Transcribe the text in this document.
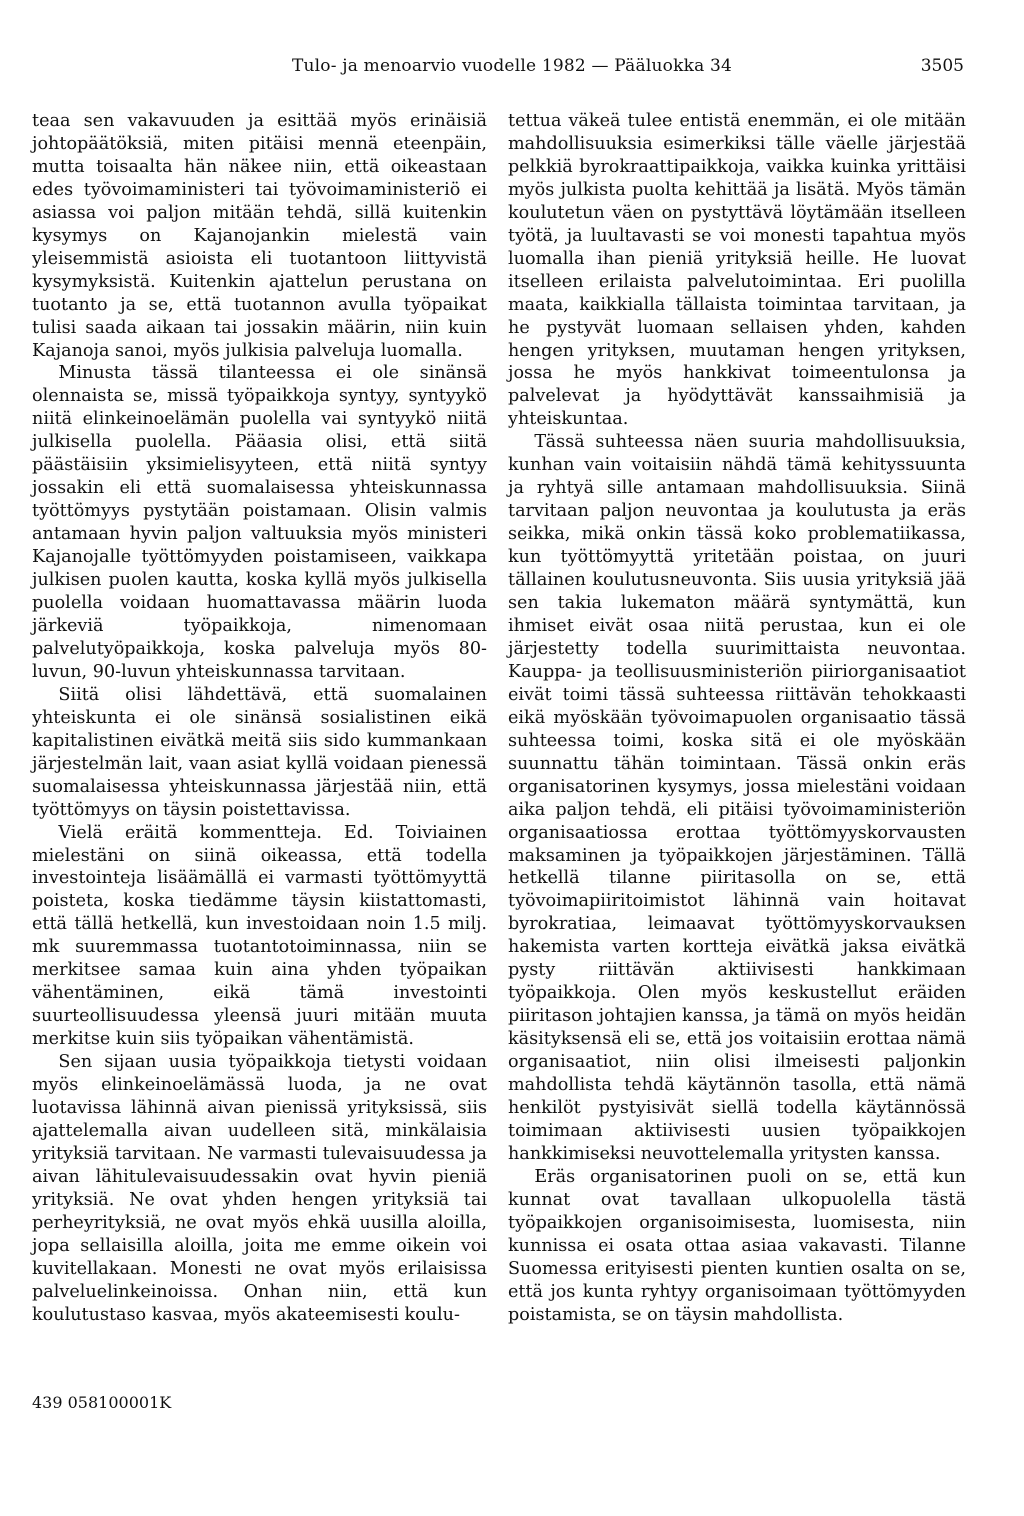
Tulo- ja menoarvio vuodelle 1982 — Pääluokka 34	3505

teaa sen vakavuuden ja esittää myös erinäisiä johtopäätöksiä, miten pitäisi mennä eteenpäin, mutta toisaalta hän näkee niin, että oikeastaan edes työvoimaministeri tai työvoimaministeriö ei asiassa voi paljon mitään tehdä, sillä kuitenkin kysymys on Kajanojankin mielestä vain yleisemmistä asioista eli tuotantoon liittyvistä kysymyksistä. Kuitenkin ajattelun perustana on tuotanto ja se, että tuotannon avulla työpaikat tulisi saada aikaan tai jossakin määrin, niin kuin Kajanoja sanoi, myös julkisia palveluja luomalla.

Minusta tässä tilanteessa ei ole sinänsä olennaista se, missä työpaikkoja syntyy, syntyykö niitä elinkeinoelämän puolella vai syntyykö niitä julkisella puolella. Pääasia olisi, että siitä päästäisiin yksimielisyyteen, että niitä syntyy jossakin eli että suomalaisessa yhteiskunnassa työttömyys pystytään poistamaan. Olisin valmis antamaan hyvin paljon valtuuksia myös ministeri Kajanojalle työttömyyden poistamiseen, vaikkapa julkisen puolen kautta, koska kyllä myös julkisella puolella voidaan huomattavassa määrin luoda järkeviä työpaikkoja, nimenomaan palvelutyöpaikkoja, koska palveluja myös 80-luvun, 90-luvun yhteiskunnassa tarvitaan.

Siitä olisi lähdettävä, että suomalainen yhteiskunta ei ole sinänsä sosialistinen eikä kapitalistinen eivätkä meitä siis sido kummankaan järjestelmän lait, vaan asiat kyllä voidaan pienessä suomalaisessa yhteiskunnassa järjestää niin, että työttömyys on täysin poistettavissa.

Vielä eräitä kommentteja. Ed. Toiviainen mielestäni on siinä oikeassa, että todella investointeja lisäämällä ei varmasti työttömyyttä poisteta, koska tiedämme täysin kiistattomasti, että tällä hetkellä, kun investoidaan noin 1.5 milj. mk suuremmassa tuotantotoiminnassa, niin se merkitsee samaa kuin aina yhden työpaikan vähentäminen, eikä tämä investointi suurteollisuudessa yleensä juuri mitään muuta merkitse kuin siis työpaikan vähentämistä.

Sen sijaan uusia työpaikkoja tietysti voidaan myös elinkeinoelämässä luoda, ja ne ovat luotavissa lähinnä aivan pienissä yrityksissä, siis ajattelemalla aivan uudelleen sitä, minkälaisia yrityksiä tarvitaan. Ne varmasti tulevaisuudessa ja aivan lähitulevaisuudessakin ovat hyvin pieniä yrityksiä. Ne ovat yhden hengen yrityksiä tai perheyrityksiä, ne ovat myös ehkä uusilla aloilla, jopa sellaisilla aloilla, joita me emme oikein voi kuvitellakaan. Monesti ne ovat myös erilaisissa palveluelinkeinoissa. Onhan niin, että kun koulutustaso kasvaa, myös akateemisesti koulu-

tettua väkeä tulee entistä enemmän, ei ole mitään mahdollisuuksia esimerkiksi tälle väelle järjestää pelkkiä byrokraattipaikkoja, vaikka kuinka yrittäisi myös julkista puolta kehittää ja lisätä. Myös tämän koulutetun väen on pystyttävä löytämään itselleen työtä, ja luultavasti se voi monesti tapahtua myös luomalla ihan pieniä yrityksiä heille. He luovat itselleen erilaista palvelutoimintaa. Eri puolilla maata, kaikkialla tällaista toimintaa tarvitaan, ja he pystyvät luomaan sellaisen yhden, kahden hengen yrityksen, muutaman hengen yrityksen, jossa he myös hankkivat toimeentulonsa ja palvelevat ja hyödyttävät kanssaihmisiä ja yhteiskuntaa.

Tässä suhteessa näen suuria mahdollisuuksia, kunhan vain voitaisiin nähdä tämä kehityssuunta ja ryhtyä sille antamaan mahdollisuuksia. Siinä tarvitaan paljon neuvontaa ja koulutusta ja eräs seikka, mikä onkin tässä koko problematiikassa, kun työttömyyttä yritetään poistaa, on juuri tällainen koulutusneuvonta. Siis uusia yrityksiä jää sen takia lukematon määrä syntymättä, kun ihmiset eivät osaa niitä perustaa, kun ei ole järjestetty todella suurimittaista neuvontaa. Kauppa- ja teollisuusministeriön piiriorganisaatiot eivät toimi tässä suhteessa riittävän tehokkaasti eikä myöskään työvoimapuolen organisaatio tässä suhteessa toimi, koska sitä ei ole myöskään suunnattu tähän toimintaan. Tässä onkin eräs organisatorinen kysymys, jossa mielestäni voidaan aika paljon tehdä, eli pitäisi työvoimaministeriön organisaatiossa erottaa työttömyyskorvausten maksaminen ja työpaikkojen järjestäminen. Tällä hetkellä tilanne piiritasolla on se, että työvoimapiiritoimistot lähinnä vain hoitavat byrokratiaa, leimaavat työttömyyskorvauksen hakemista varten kortteja eivätkä jaksa eivätkä pysty riittävän aktiivisesti hankkimaan työpaikkoja. Olen myös keskustellut eräiden piiritason johtajien kanssa, ja tämä on myös heidän käsityksensä eli se, että jos voitaisiin erottaa nämä organisaatiot, niin olisi ilmeisesti paljonkin mahdollista tehdä käytännön tasolla, että nämä henkilöt pystyisivät siellä todella käytännössä toimimaan aktiivisesti uusien työpaikkojen hankkimiseksi neuvottelemalla yritysten kanssa.

Eräs organisatorinen puoli on se, että kun kunnat ovat tavallaan ulkopuolella tästä työpaikkojen organisoimisesta, luomisesta, niin kunnissa ei osata ottaa asiaa vakavasti. Tilanne Suomessa erityisesti pienten kuntien osalta on se, että jos kunta ryhtyy organisoimaan työttömyyden poistamista, se on täysin mahdollista.

439 058100001K
